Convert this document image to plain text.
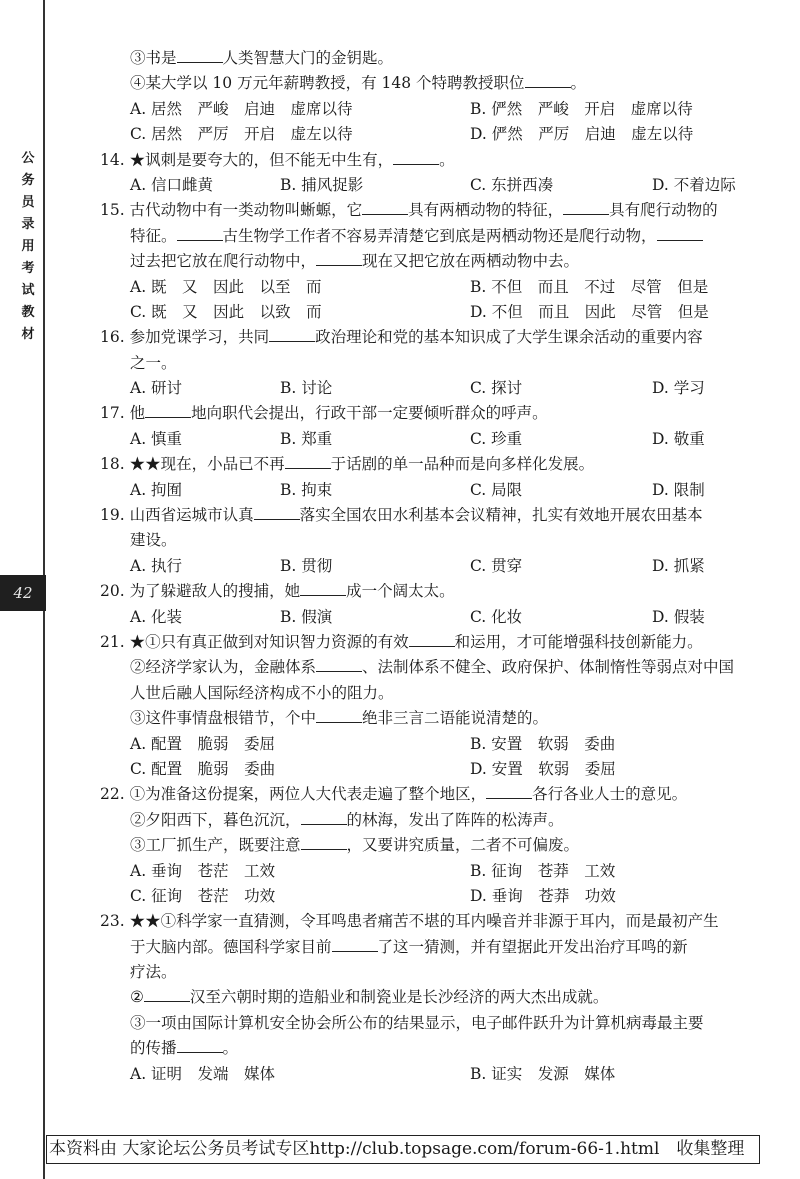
公
务
员
录
用
考
试
教
材
42
③书是	人类智慧大门的金钥匙。
④某大学以 10 万元年薪聘教授，有 148 个特聘教授职位	。
A. 居然　严峻　启迪　虚席以待	B. 俨然　严峻　开启　虚席以待
C. 居然　严厉　开启　虚左以待	D. 俨然　严厉　启迪　虚左以待
14. ★讽刺是要夸大的，但不能无中生有，	。
A. 信口雌黄	B. 捕风捉影	C. 东拼西凑	D. 不着边际
15. 古代动物中有一类动物叫蜥螈，它	具有两栖动物的特征，	具有爬行动物的
特征。	古生物学工作者不容易弄清楚它到底是两栖动物还是爬行动物，
过去把它放在爬行动物中，	现在又把它放在两栖动物中去。
A. 既　又　因此　以至　而	B. 不但　而且　不过　尽管　但是
C. 既　又　因此　以致　而	D. 不但　而且　因此　尽管　但是
16. 参加党课学习，共同	政治理论和党的基本知识成了大学生课余活动的重要内容
之一。
A. 研讨	B. 讨论	C. 探讨	D. 学习
17. 他	地向职代会提出，行政干部一定要倾听群众的呼声。
A. 慎重	B. 郑重	C. 珍重	D. 敬重
18. ★★现在，小品已不再	于话剧的单一品种而是向多样化发展。
A. 拘囿	B. 拘束	C. 局限	D. 限制
19. 山西省运城市认真	落实全国农田水利基本会议精神，扎实有效地开展农田基本
建设。
A. 执行	B. 贯彻	C. 贯穿	D. 抓紧
20. 为了躲避敌人的搜捕，她	成一个阔太太。
A. 化装	B. 假演	C. 化妆	D. 假装
21. ★①只有真正做到对知识智力资源的有效	和运用，才可能增强科技创新能力。
②经济学家认为，金融体系	、法制体系不健全、政府保护、体制惰性等弱点对中国
人世后融人国际经济构成不小的阻力。
③这件事情盘根错节，个中	绝非三言二语能说清楚的。
A. 配置　脆弱　委屈	B. 安置　软弱　委曲
C. 配置　脆弱　委曲	D. 安置　软弱　委屈
22. ①为准备这份提案，两位人大代表走遍了整个地区，	各行各业人士的意见。
②夕阳西下，暮色沉沉，	的林海，发出了阵阵的松涛声。
③工厂抓生产，既要注意	，又要讲究质量，二者不可偏废。
A. 垂询　苍茫　工效	B. 征询　苍莽　工效
C. 征询　苍茫　功效	D. 垂询　苍莽　功效
23. ★★①科学家一直猜测，令耳鸣患者痛苦不堪的耳内噪音并非源于耳内，而是最初产生
于大脑内部。德国科学家目前	了这一猜测，并有望据此开发出治疗耳鸣的新
疗法。
②	汉至六朝时期的造船业和制瓷业是长沙经济的两大杰出成就。
③一项由国际计算机安全协会所公布的结果显示，电子邮件跃升为计算机病毒最主要
的传播	。
A. 证明　发端　媒体	B. 证实　发源　媒体
本资料由 大家论坛公务员考试专区http://club.topsage.com/forum-66-1.html　收集整理
